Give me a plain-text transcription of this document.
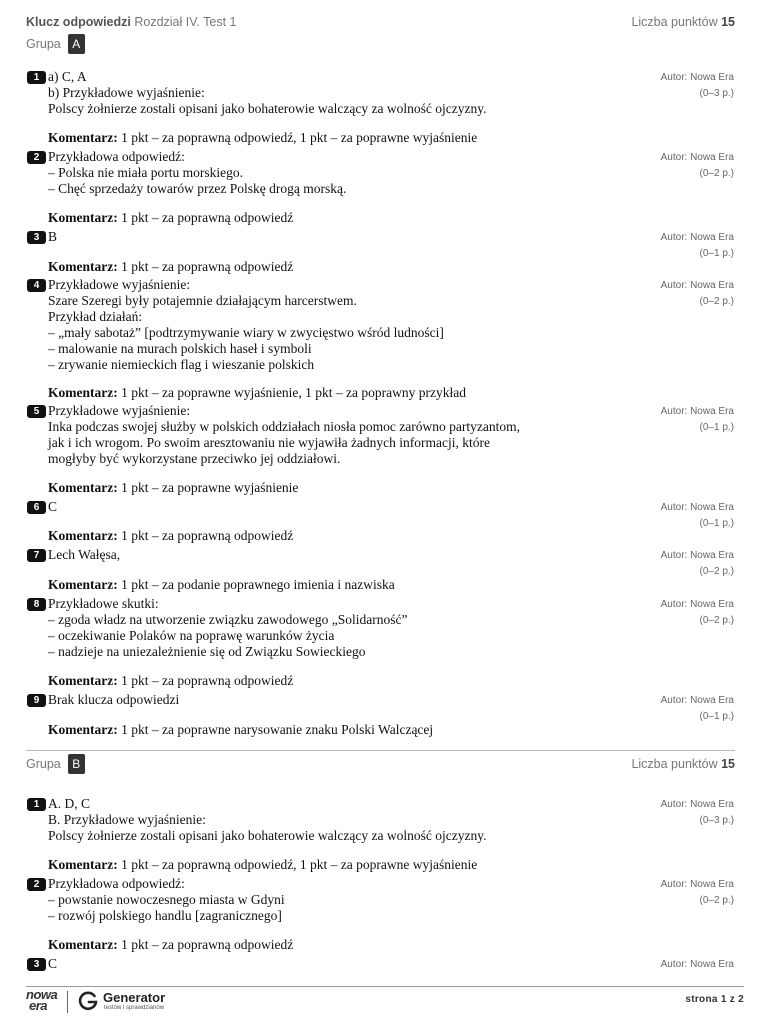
Klucz odpowiedzi Rozdział IV. Test 1	Liczba punktów 15
Grupa A
1 a) C, A
b) Przykładowe wyjaśnienie:
Polscy żołnierze zostali opisani jako bohaterowie walczący za wolność ojczyzny.
Komentarz: 1 pkt – za poprawną odpowiedź, 1 pkt – za poprawne wyjaśnienie
Autor: Nowa Era
(0–3 p.)
2 Przykładowa odpowiedź:
– Polska nie miała portu morskiego.
– Chęć sprzedaży towarów przez Polskę drogą morską.
Komentarz: 1 pkt – za poprawną odpowiedź
Autor: Nowa Era
(0–2 p.)
3 B
Komentarz: 1 pkt – za poprawną odpowiedź
Autor: Nowa Era
(0–1 p.)
4 Przykładowe wyjaśnienie:
Szare Szeregi były potajemnie działającym harcerstwem.
Przykład działań:
– „mały sabotaż” [podtrzymywanie wiary w zwycięstwo wśród ludności]
– malowanie na murach polskich haseł i symboli
– zrywanie niemieckich flag i wieszanie polskich
Komentarz: 1 pkt – za poprawne wyjaśnienie, 1 pkt – za poprawny przykład
Autor: Nowa Era
(0–2 p.)
5 Przykładowe wyjaśnienie:
Inka podczas swojej służby w polskich oddziałach niosła pomoc zarówno partyzantom,
jak i ich wrogom. Po swoim aresztowaniu nie wyjawiła żadnych informacji, które
mogłyby być wykorzystane przeciwko jej oddziałowi.
Komentarz: 1 pkt – za poprawne wyjaśnienie
Autor: Nowa Era
(0–1 p.)
6 C
Komentarz: 1 pkt – za poprawną odpowiedź
Autor: Nowa Era
(0–1 p.)
7 Lech Wałęsa,
Komentarz: 1 pkt – za podanie poprawnego imienia i nazwiska
Autor: Nowa Era
(0–2 p.)
8 Przykładowe skutki:
– zgoda władz na utworzenie związku zawodowego „Solidarność”
– oczekiwanie Polaków na poprawę warunków życia
– nadzieje na uniezależnienie się od Związku Sowieckiego
Komentarz: 1 pkt – za poprawną odpowiedź
Autor: Nowa Era
(0–2 p.)
9 Brak klucza odpowiedzi
Komentarz: 1 pkt – za poprawne narysowanie znaku Polski Walczącej
Autor: Nowa Era
(0–1 p.)
Grupa B	Liczba punktów 15
1 A. D, C
B. Przykładowe wyjaśnienie:
Polscy żołnierze zostali opisani jako bohaterowie walczący za wolność ojczyzny.
Komentarz: 1 pkt – za poprawną odpowiedź, 1 pkt – za poprawne wyjaśnienie
Autor: Nowa Era
(0–3 p.)
2 Przykładowa odpowiedź:
– powstanie nowoczesnego miasta w Gdyni
– rozwój polskiego handlu [zagranicznego]
Komentarz: 1 pkt – za poprawną odpowiedź
Autor: Nowa Era
(0–2 p.)
3 C	Autor: Nowa Era
nowa
era
Generator
testów i sprawdzianów
strona 1 z 2
